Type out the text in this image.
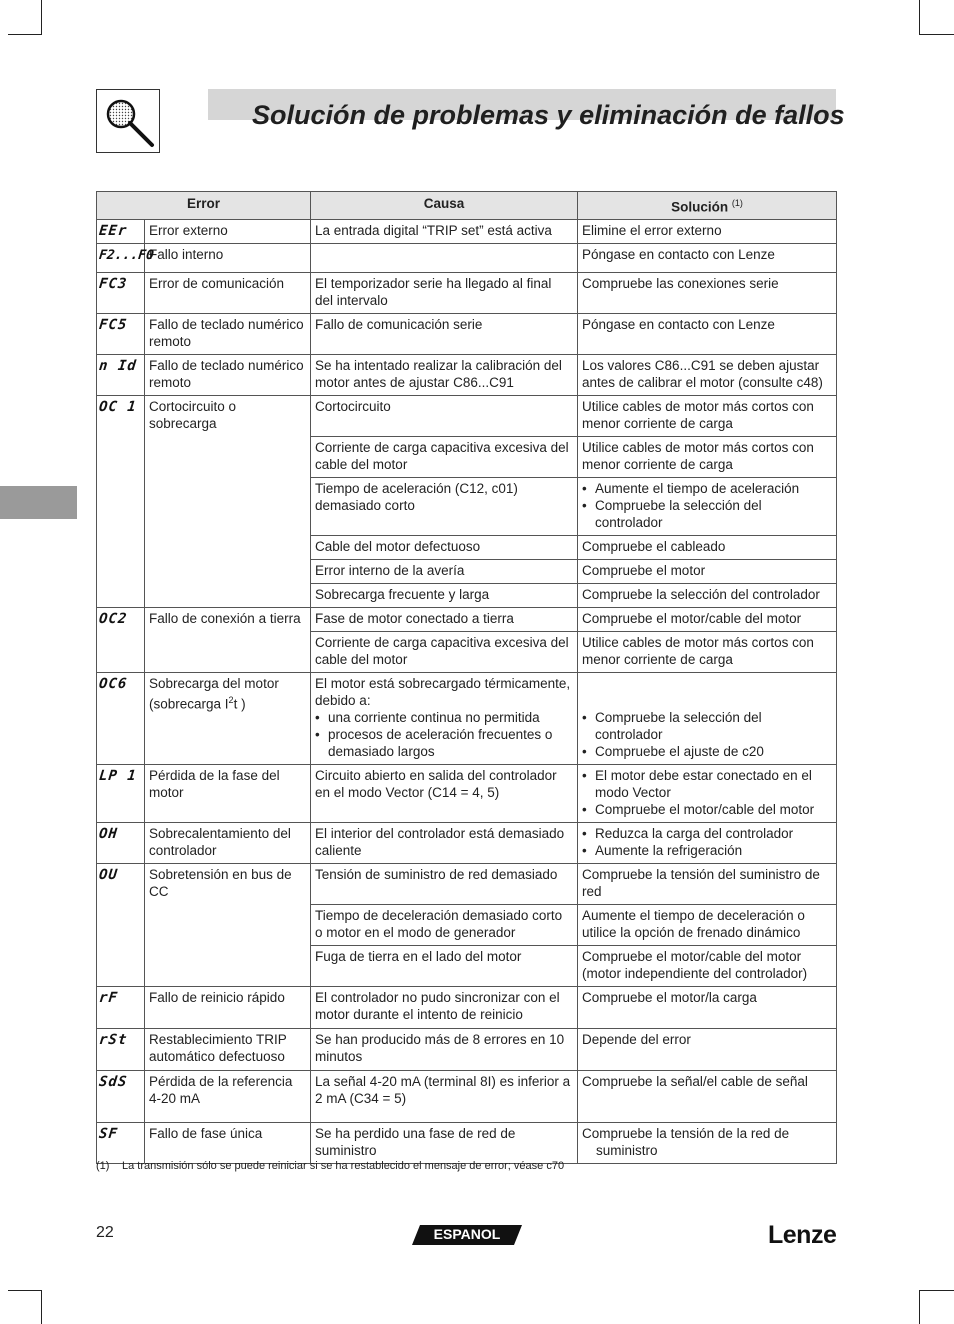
Solución de problemas y eliminación de fallos
Error		Causa	Solución $^{(1)}$
EEr	Error externo	La entrada digital “TRIP set” está activa	Elimine el error externo
F2...F0	Fallo interno		Póngase en contacto con Lenze
FC3	Error de comunicación	El temporizador serie ha llegado al final del intervalo	Compruebe las conexiones serie
FC5	Fallo de teclado numérico remoto	Fallo de comunicación serie	Póngase en contacto con Lenze
n Id	Fallo de teclado numérico remoto	Se ha intentado realizar la calibración del motor antes de ajustar C86...C91	Los valores C86...C91 se deben ajustar antes de calibrar el motor (consulte c48)
OC 1	Cortocircuito o sobrecarga	Cortocircuito	Utilice cables de motor más cortos con menor corriente de carga
		Corriente de carga capacitiva excesiva del cable del motor	Utilice cables de motor más cortos con menor corriente de carga
		Tiempo de aceleración (C12, c01) demasiado corto	• Aumente el tiempo de aceleración
• Compruebe la selección del controlador

		Cable del motor defectuoso	Compruebe el cableado
		Error interno de la avería	Compruebe el motor
		Sobrecarga frecuente y larga	Compruebe la selección del controlador
OC2	Fallo de conexión a tierra	Fase de motor conectado a tierra	Compruebe el motor/cable del motor
		Corriente de carga capacitiva excesiva del cable del motor	Utilice cables de motor más cortos con menor corriente de carga
OC6	Sobrecarga del motor (sobrecarga $I^2t$ )	El motor está sobrecargado térmicamente, debido a:
• una corriente continua no permitida
• procesos de aceleración frecuentes o demasiado largos	• Compruebe la selección del controlador
• Compruebe el ajuste de c20

LP 1	Pérdida de la fase del motor	Circuito abierto en salida del controlador en el modo Vector (C14 = 4, 5)	• El motor debe estar conectado en el modo Vector
• Compruebe el motor/cable del motor

OH	Sobrecalentamiento del controlador	El interior del controlador está demasiado caliente	• Reduzca la carga del controlador
• Aumente la refrigeración

OU	Sobretensión en bus de  CC	Tensión de suministro de red demasiado	Compruebe la tensión del suministro de red
		Tiempo de deceleración demasiado corto o motor en el modo de generador	Aumente el tiempo de deceleración o utilice la opción de frenado dinámico
		Fuga de tierra en el lado del motor	Compruebe el motor/cable del motor (motor independiente del controlador)
rF	Fallo de reinicio rápido	El controlador no pudo sincronizar con el motor durante el intento de reinicio	Compruebe el motor/la carga
rSt	Restablecimiento TRIP automático defectuoso	Se han producido más de 8 errores en 10 minutos	Depende del error
SdS	Pérdida de la referencia 4-20 mA	La señal 4-20 mA (terminal 8I) es inferior a 2 mA (C34 = 5)	Compruebe la señal/el cable de señal
SF	Fallo de fase única	Se ha perdido una fase de red de suministro	Compruebe la tensión de la red de
suministro
(1) La transmisión sólo se puede reiniciar si se ha restablecido el mensaje de error; véase c70
22	ESPANOL	Lenze
